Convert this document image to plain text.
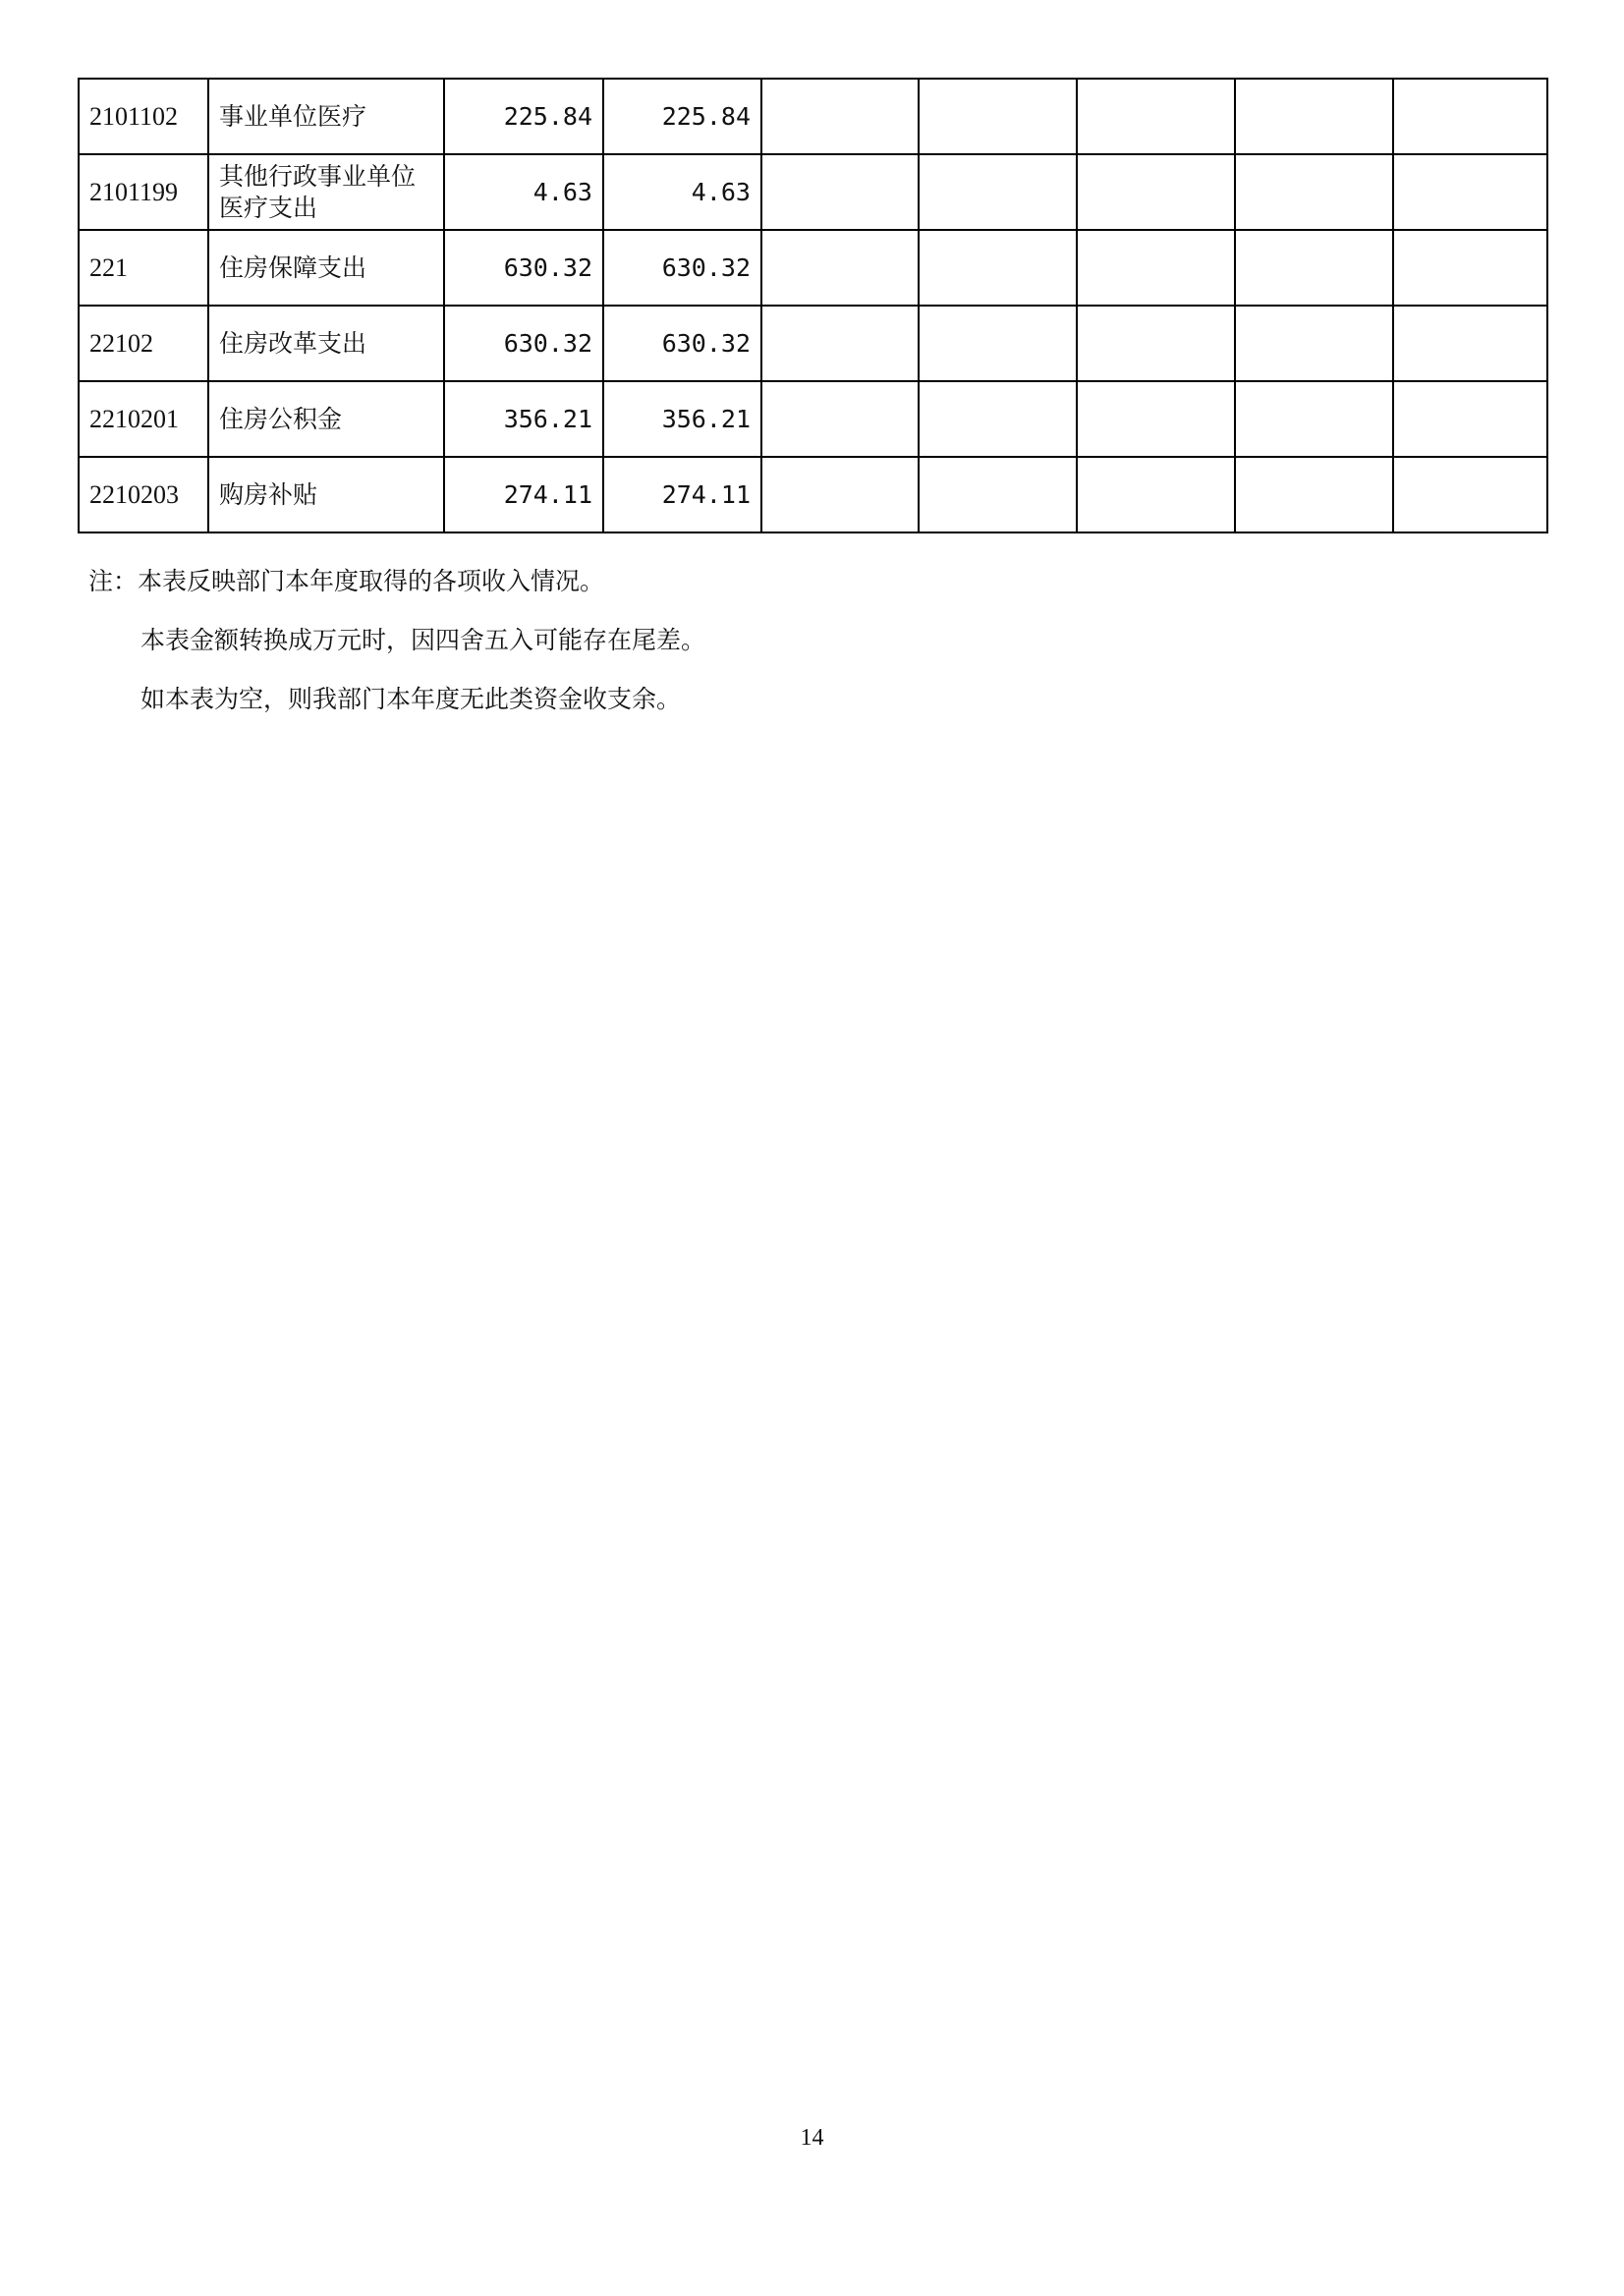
2101102	事业单位医疗	225.84	225.84					
2101199	其他行政事业单位医疗支出	4.63	4.63					
221	住房保障支出	630.32	630.32					
22102	住房改革支出	630.32	630.32					
2210201	住房公积金	356.21	356.21					
2210203	购房补贴	274.11	274.11					
注：本表反映部门本年度取得的各项收入情况。
本表金额转换成万元时，因四舍五入可能存在尾差。
如本表为空，则我部门本年度无此类资金收支余。
14
